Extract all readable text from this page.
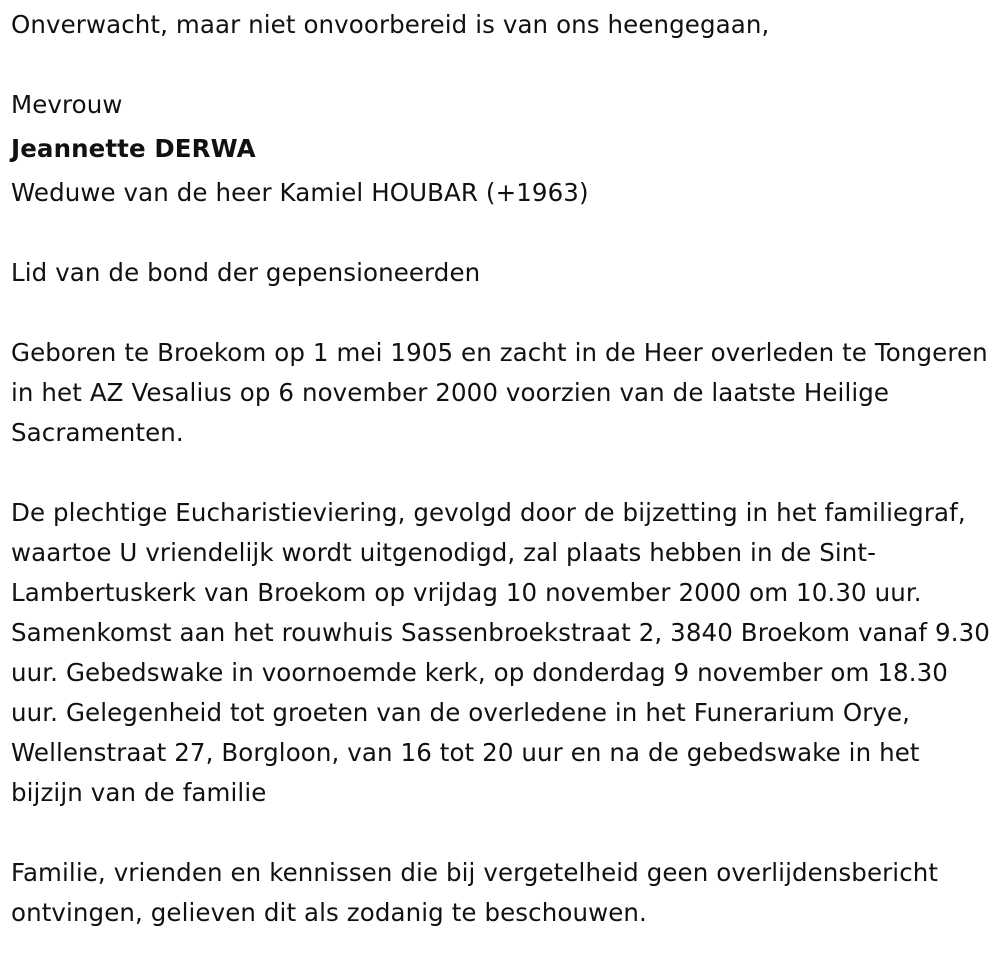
Onverwacht, maar niet onvoorbereid is van ons heengegaan,

Mevrouw

Jeannette DERWA

Weduwe van de heer Kamiel HOUBAR (+1963)

Lid van de bond der gepensioneerden

Geboren te Broekom op 1 mei 1905 en zacht in de Heer overleden te Tongeren in het AZ Vesalius op 6 november 2000 voorzien van de laatste Heilige Sacramenten.

De plechtige Eucharistieviering, gevolgd door de bijzetting in het familiegraf, waartoe U vriendelijk wordt uitgenodigd, zal plaats hebben in de Sint-Lambertuskerk van Broekom op vrijdag 10 november 2000 om 10.30 uur. Samenkomst aan het rouwhuis Sassenbroekstraat 2, 3840 Broekom vanaf 9.30 uur. Gebedswake in voornoemde kerk, op donderdag 9 november om 18.30 uur. Gelegenheid tot groeten van de overledene in het Funerarium Orye, Wellenstraat 27, Borgloon, van 16 tot 20 uur en na de gebedswake in het bijzijn van de familie

Familie, vrienden en kennissen die bij vergetelheid geen overlijdensbericht ontvingen, gelieven dit als zodanig te beschouwen.
